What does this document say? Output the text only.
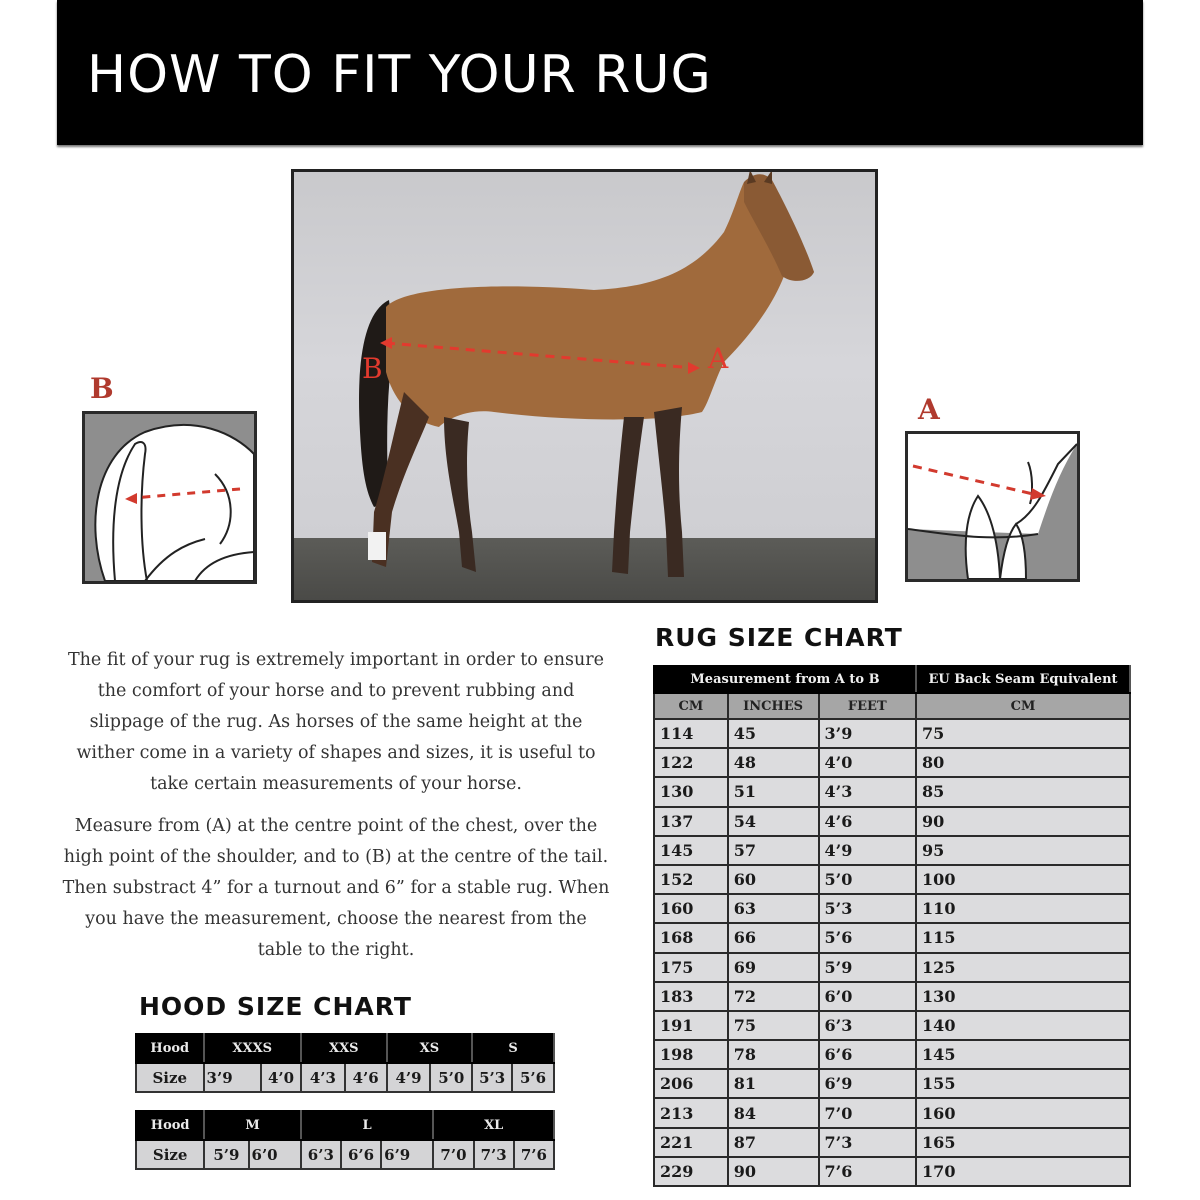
HOW TO FIT YOUR RUG
B	A
B
A

The fit of your rug is extremely important in order to ensure the comfort of your horse and to prevent rubbing and slippage of the rug. As horses of the same height at the wither come in a variety of shapes and sizes, it is useful to take certain measurements of your horse.

Measure from (A) at the centre point of the chest, over the high point of the shoulder, and to (B) at the centre of the tail. Then substract 4” for a turnout and 6” for a stable rug. When you have the measurement, choose the nearest from the table to the right.

RUG SIZE CHART
Measurement from A to B			EU Back Seam Equivalent
CM	INCHES	FEET	CM
114	45	3’9	75
122	48	4’0	80
130	51	4’3	85
137	54	4’6	90
145	57	4’9	95
152	60	5’0	100
160	63	5’3	110
168	66	5’6	115
175	69	5’9	125
183	72	6’0	130
191	75	6’3	140
198	78	6’6	145
206	81	6’9	155
213	84	7’0	160
221	87	7’3	165
229	90	7’6	170
HOOD SIZE CHART
Hood	XXXS		XXS		XS		S	
Size	3’9	4’0	4’3	4’6	4’9	5’0	5’3	5’6
Hood	M		L			XL		
Size	5’9	6’0	6’3	6’6	6’9	7’0	7’3	7’6
